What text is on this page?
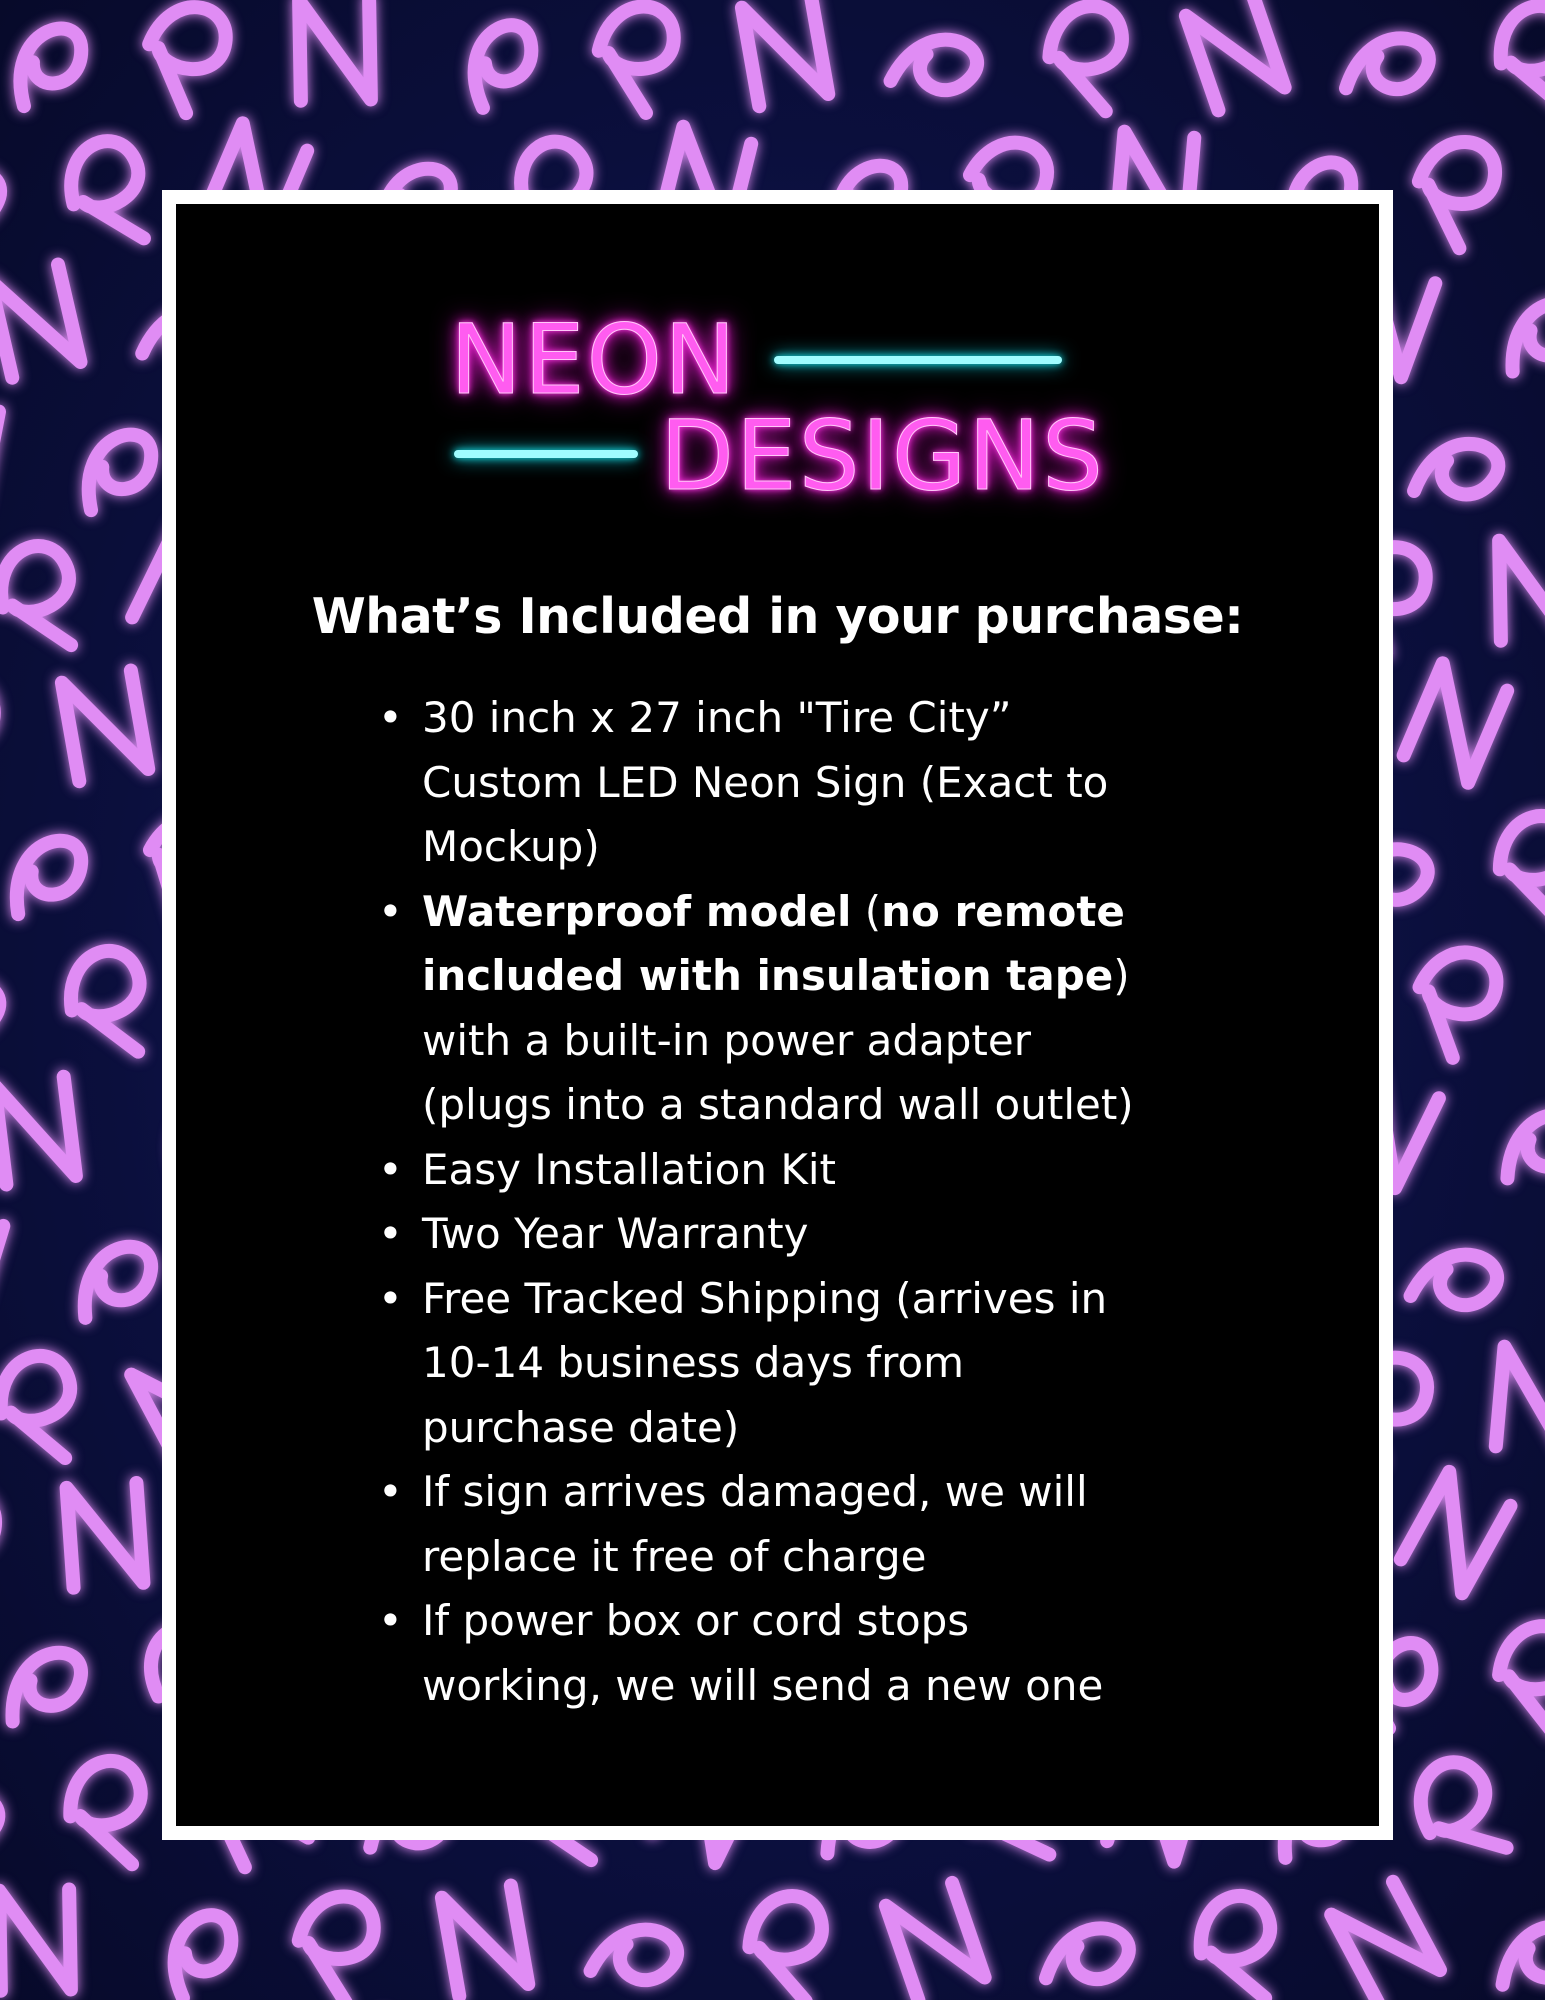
NEON
DESIGNS
What’s Included in your purchase:
• 30 inch x 27 inch "Tire City”
Custom LED Neon Sign (Exact to
Mockup)
• Waterproof model (no remote
included with insulation tape)
with a built-in power adapter
(plugs into a standard wall outlet)
• Easy Installation Kit
• Two Year Warranty
• Free Tracked Shipping (arrives in
10-14 business days from
purchase date)
• If sign arrives damaged, we will
replace it free of charge
• If power box or cord stops
working, we will send a new one
